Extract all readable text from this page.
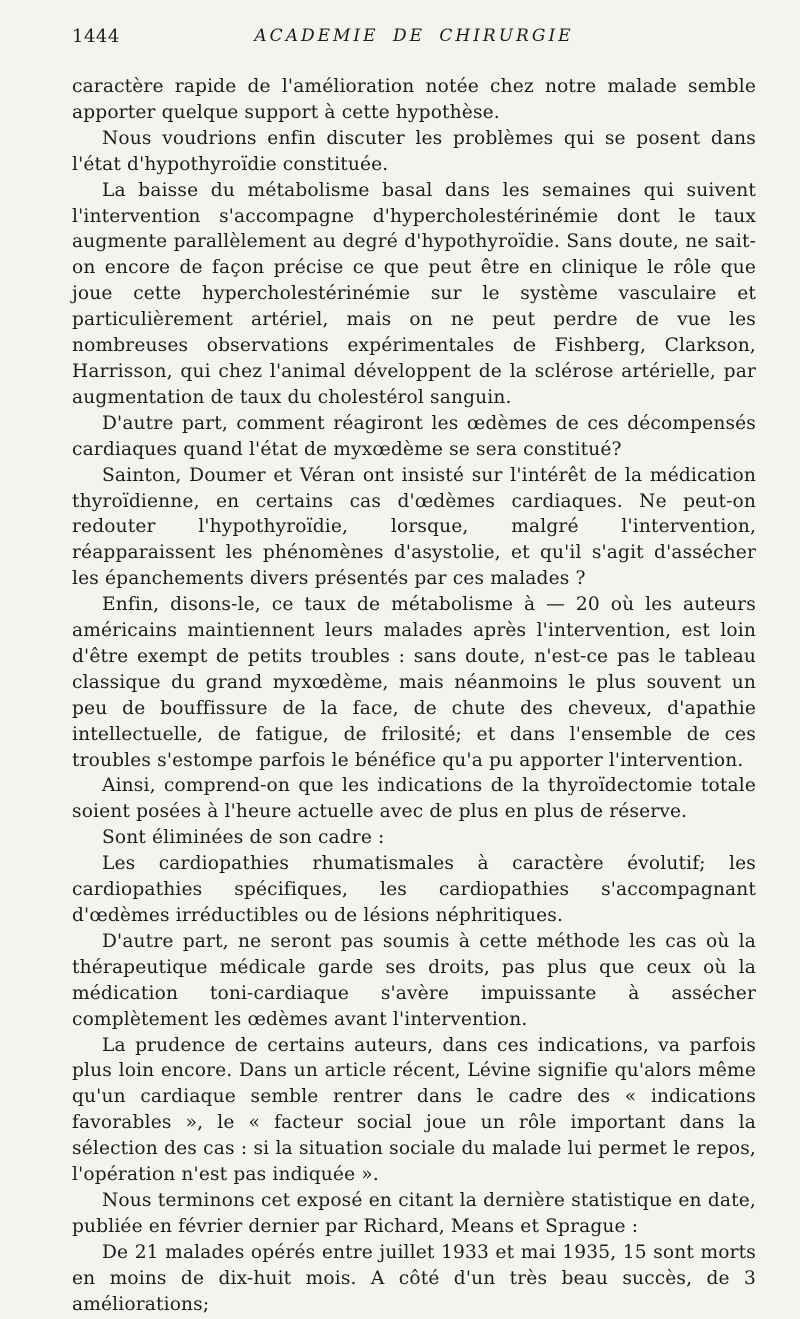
1444	ACADEMIE DE CHIRURGIE

caractère rapide de l'amélioration notée chez notre malade semble apporter quelque support à cette hypothèse.

Nous voudrions enfin discuter les problèmes qui se posent dans l'état d'hypothyroïdie constituée.

La baisse du métabolisme basal dans les semaines qui suivent l'intervention s'accompagne d'hypercholestérinémie dont le taux augmente parallèlement au degré d'hypothyroïdie. Sans doute, ne sait-on encore de façon précise ce que peut être en clinique le rôle que joue cette hypercholestérinémie sur le système vasculaire et particulièrement artériel, mais on ne peut perdre de vue les nombreuses observations expérimentales de Fishberg, Clarkson, Harrisson, qui chez l'animal développent de la sclérose artérielle, par augmentation de taux du cholestérol sanguin.

D'autre part, comment réagiront les œdèmes de ces décompensés cardiaques quand l'état de myxœdème se sera constitué?

Sainton, Doumer et Véran ont insisté sur l'intérêt de la médication thyroïdienne, en certains cas d'œdèmes cardiaques. Ne peut-on redouter l'hypothyroïdie, lorsque, malgré l'intervention, réapparaissent les phénomènes d'asystolie, et qu'il s'agit d'assécher les épanchements divers présentés par ces malades ?

Enfin, disons-le, ce taux de métabolisme à — 20 où les auteurs américains maintiennent leurs malades après l'intervention, est loin d'être exempt de petits troubles : sans doute, n'est-ce pas le tableau classique du grand myxœdème, mais néanmoins le plus souvent un peu de bouffissure de la face, de chute des cheveux, d'apathie intellectuelle, de fatigue, de frilosité; et dans l'ensemble de ces troubles s'estompe parfois le bénéfice qu'a pu apporter l'intervention.

Ainsi, comprend-on que les indications de la thyroïdectomie totale soient posées à l'heure actuelle avec de plus en plus de réserve.

Sont éliminées de son cadre :

Les cardiopathies rhumatismales à caractère évolutif; les cardiopathies spécifiques, les cardiopathies s'accompagnant d'œdèmes irréductibles ou de lésions néphritiques.

D'autre part, ne seront pas soumis à cette méthode les cas où la thérapeutique médicale garde ses droits, pas plus que ceux où la médication toni-cardiaque s'avère impuissante à assécher complètement les œdèmes avant l'intervention.

La prudence de certains auteurs, dans ces indications, va parfois plus loin encore. Dans un article récent, Lévine signifie qu'alors même qu'un cardiaque semble rentrer dans le cadre des « indications favorables », le « facteur social joue un rôle important dans la sélection des cas : si la situation sociale du malade lui permet le repos, l'opération n'est pas indiquée ».

Nous terminons cet exposé en citant la dernière statistique en date, publiée en février dernier par Richard, Means et Sprague :

De 21 malades opérés entre juillet 1933 et mai 1935, 15 sont morts en moins de dix-huit mois. A côté d'un très beau succès, de 3 améliorations;
